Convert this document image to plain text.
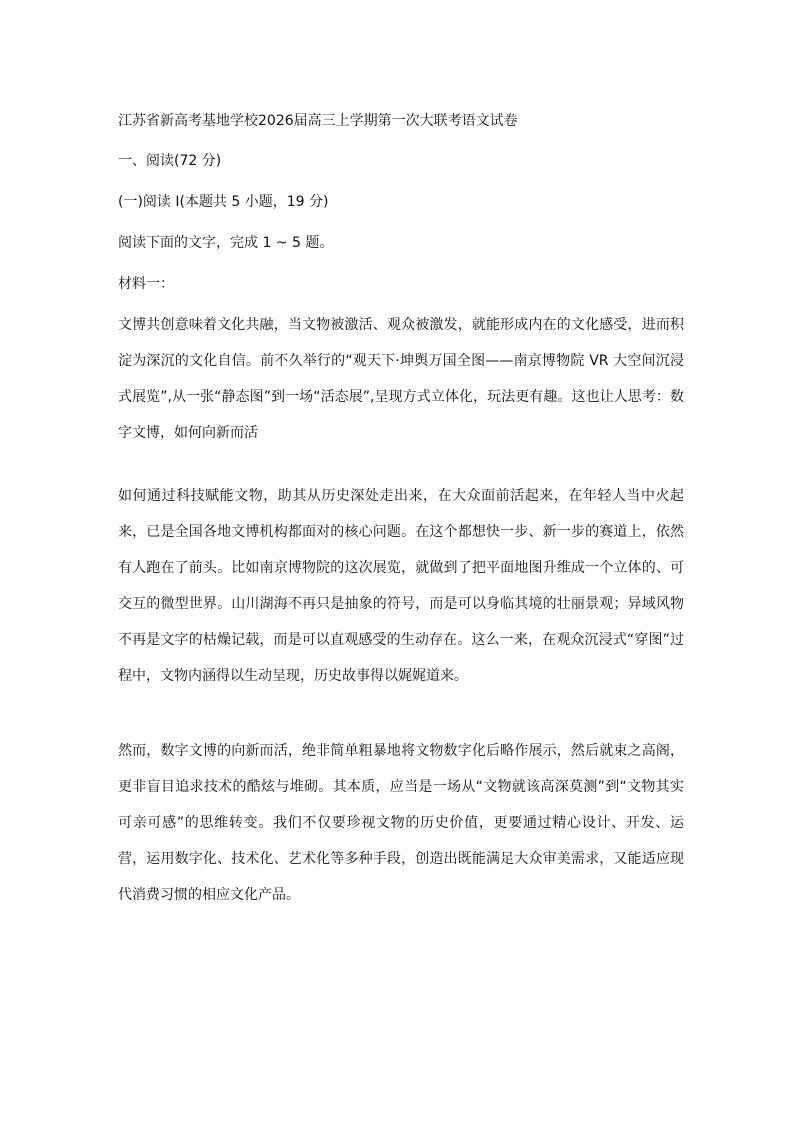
江苏省新高考基地学校2026届高三上学期第一次大联考语文试卷
一、阅读(72 分)
(一)阅读 I(本题共 5 小题，19 分)
阅读下面的文字，完成 1 ~ 5 题。
材料一：
文博共创意味着文化共融，当文物被激活、观众被激发，就能形成内在的文化感受，进而积淀为深沉的文化自信。前不久举行的“观天下·坤舆万国全图——南京博物院 VR 大空间沉浸式展览”,从一张“静态图”到一场“活态展”,呈现方式立体化，玩法更有趣。这也让人思考：数字文博，如何向新而活
如何通过科技赋能文物，助其从历史深处走出来，在大众面前活起来，在年轻人当中火起来，已是全国各地文博机构都面对的核心问题。在这个都想快一步、新一步的赛道上，依然有人跑在了前头。比如南京博物院的这次展览，就做到了把平面地图升维成一个立体的、可交互的微型世界。山川湖海不再只是抽象的符号，而是可以身临其境的壮丽景观；异域风物不再是文字的枯燥记载，而是可以直观感受的生动存在。这么一来，在观众沉浸式“穿图”过程中，文物内涵得以生动呈现，历史故事得以娓娓道来。
然而，数字文博的向新而活，绝非简单粗暴地将文物数字化后略作展示，然后就束之高阁，更非盲目追求技术的酷炫与堆砌。其本质，应当是一场从“文物就该高深莫测”到“文物其实可亲可感”的思维转变。我们不仅要珍视文物的历史价值，更要通过精心设计、开发、运营，运用数字化、技术化、艺术化等多种手段，创造出既能满足大众审美需求，又能适应现代消费习惯的相应文化产品。
